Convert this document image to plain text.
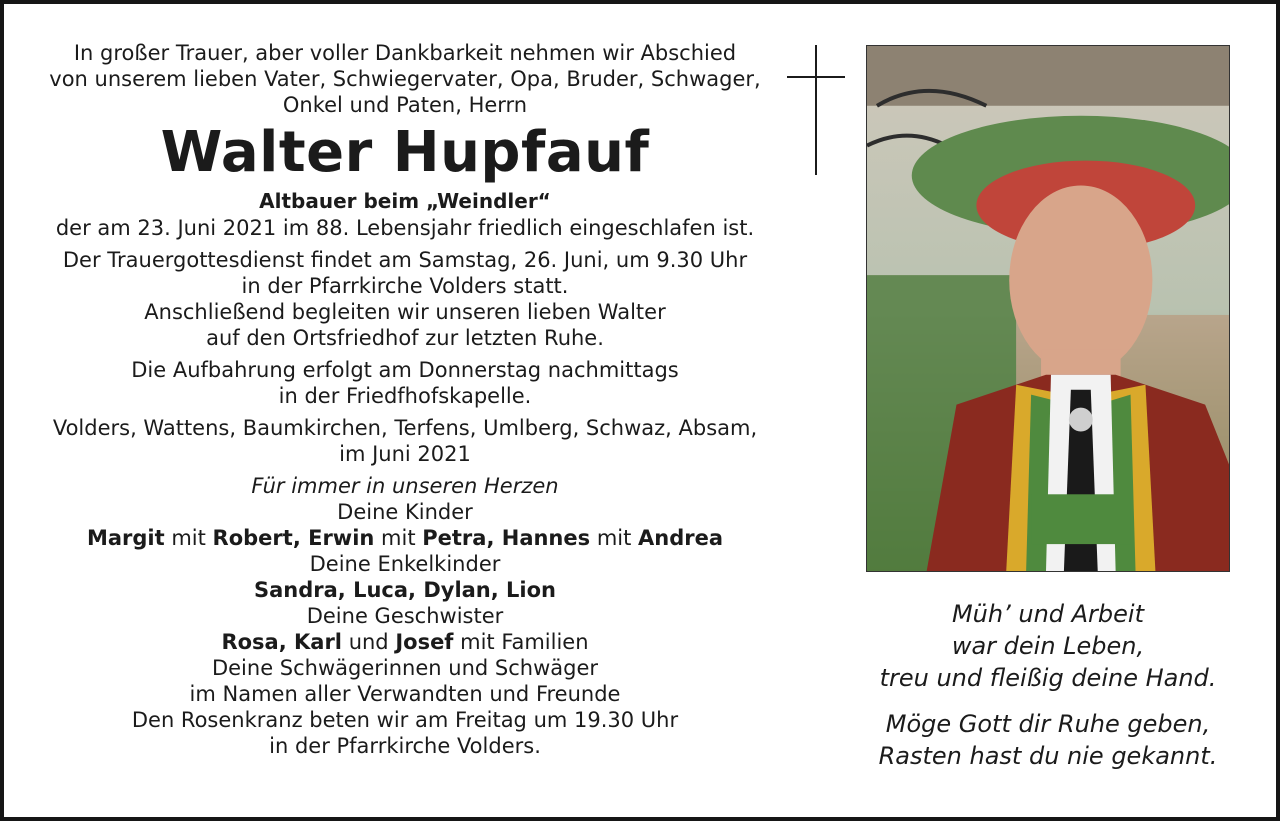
In großer Trauer, aber voller Dankbarkeit nehmen wir Abschied
von unserem lieben Vater, Schwiegervater, Opa, Bruder, Schwager,
Onkel und Paten, Herrn
Walter Hupfauf
Altbauer beim „Weindler“
der am 23. Juni 2021 im 88. Lebensjahr friedlich eingeschlafen ist.
Der Trauergottesdienst findet am Samstag, 26. Juni, um 9.30 Uhr
in der Pfarrkirche Volders statt.
Anschließend begleiten wir unseren lieben Walter
auf den Ortsfriedhof zur letzten Ruhe.
Die Aufbahrung erfolgt am Donnerstag nachmittags
in der Friedfhofskapelle.
Volders, Wattens, Baumkirchen, Terfens, Umlberg, Schwaz, Absam,
im Juni 2021
Für immer in unseren Herzen
Deine Kinder
Margit mit Robert, Erwin mit Petra, Hannes mit Andrea
Deine Enkelkinder
Sandra, Luca, Dylan, Lion
Deine Geschwister
Rosa, Karl und Josef mit Familien
Deine Schwägerinnen und Schwäger
im Namen aller Verwandten und Freunde
Den Rosenkranz beten wir am Freitag um 19.30 Uhr
in der Pfarrkirche Volders.
Müh’ und Arbeit
war dein Leben,
treu und fleißig deine Hand.
Möge Gott dir Ruhe geben,
Rasten hast du nie gekannt.
